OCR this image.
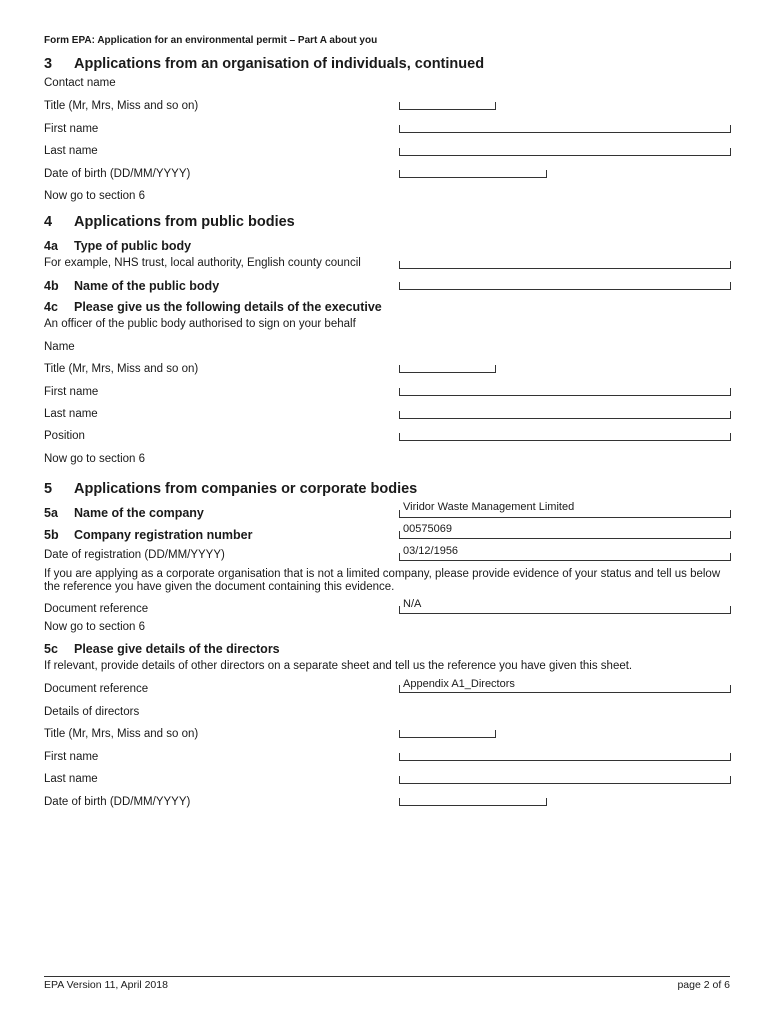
Form EPA: Application for an environmental permit – Part A about you
3 Applications from an organisation of individuals, continued
Contact name
Title (Mr, Mrs, Miss and so on)
First name
Last name
Date of birth (DD/MM/YYYY)
Now go to section 6
4 Applications from public bodies
4a Type of public body
For example, NHS trust, local authority, English county council
4b Name of the public body
4c Please give us the following details of the executive
An officer of the public body authorised to sign on your behalf
Name
Title (Mr, Mrs, Miss and so on)
First name
Last name
Position
Now go to section 6
5 Applications from companies or corporate bodies
5a Name of the company	Viridor Waste Management Limited
5b Company registration number	00575069
Date of registration (DD/MM/YYYY)	03/12/1956
If you are applying as a corporate organisation that is not a limited company, please provide evidence of your status and tell us below the reference you have given the document containing this evidence.
Document reference	N/A
Now go to section 6
5c Please give details of the directors
If relevant, provide details of other directors on a separate sheet and tell us the reference you have given this sheet.
Document reference	Appendix A1_Directors
Details of directors
Title (Mr, Mrs, Miss and so on)
First name
Last name
Date of birth (DD/MM/YYYY)
EPA Version 11, April 2018	page 2 of 6
